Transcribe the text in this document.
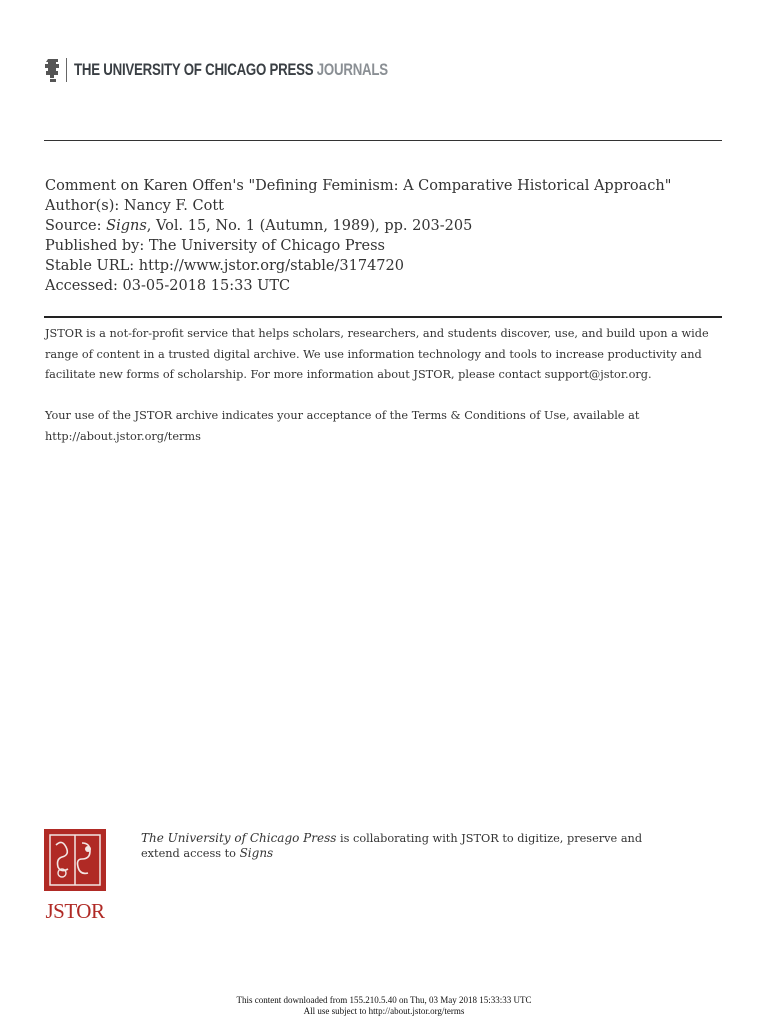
THE UNIVERSITY OF CHICAGO PRESS JOURNALS
Comment on Karen Offen's "Defining Feminism: A Comparative Historical Approach"
Author(s): Nancy F. Cott
Source: Signs, Vol. 15, No. 1 (Autumn, 1989), pp. 203-205
Published by: The University of Chicago Press
Stable URL: http://www.jstor.org/stable/3174720
Accessed: 03-05-2018 15:33 UTC
JSTOR is a not-for-profit service that helps scholars, researchers, and students discover, use, and build upon a wide
range of content in a trusted digital archive. We use information technology and tools to increase productivity and
facilitate new forms of scholarship. For more information about JSTOR, please contact support@jstor.org.
Your use of the JSTOR archive indicates your acceptance of the Terms & Conditions of Use, available at
http://about.jstor.org/terms
JSTOR
The University of Chicago Press is collaborating with JSTOR to digitize, preserve and
extend access to Signs
This content downloaded from 155.210.5.40 on Thu, 03 May 2018 15:33:33 UTC
All use subject to http://about.jstor.org/terms
